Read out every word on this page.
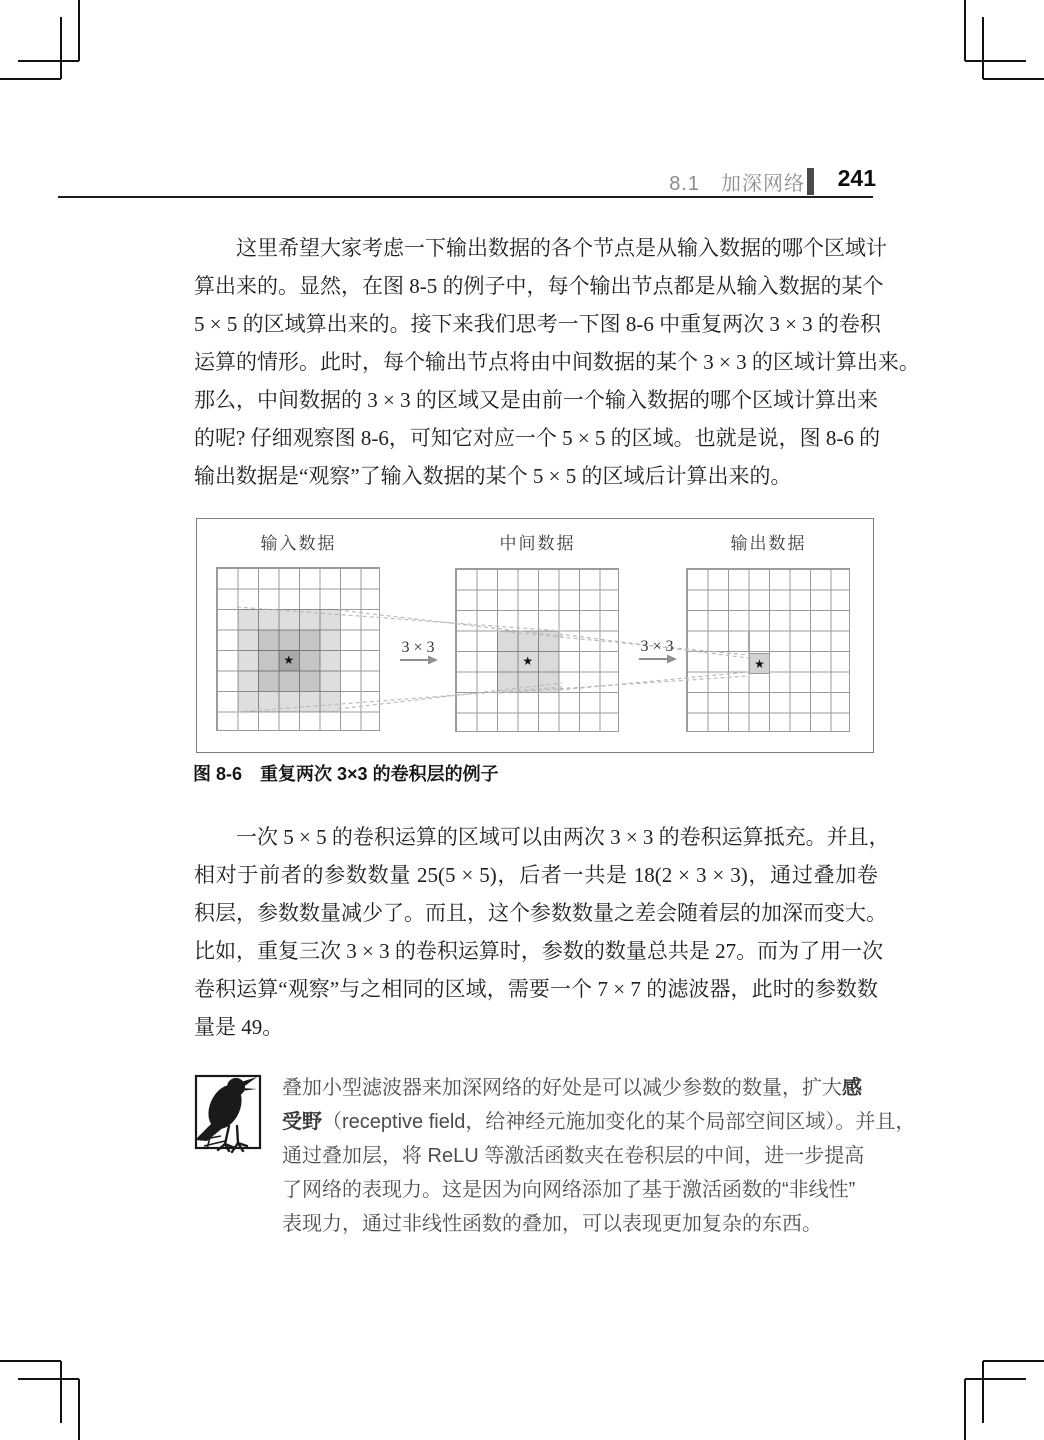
8.1　加深网络 241
这里希望大家考虑一下输出数据的各个节点是从输入数据的哪个区域计
算出来的。显然，在图 8-5 的例子中，每个输出节点都是从输入数据的某个
5 × 5 的区域算出来的。接下来我们思考一下图 8-6 中重复两次 3 × 3 的卷积
运算的情形。此时，每个输出节点将由中间数据的某个 3 × 3 的区域计算出来。
那么，中间数据的 3 × 3 的区域又是由前一个输入数据的哪个区域计算出来
的呢? 仔细观察图 8-6，可知它对应一个 5 × 5 的区域。也就是说，图 8-6 的
输出数据是“观察”了输入数据的某个 5 × 5 的区域后计算出来的。
输入数据	中间数据	输出数据
★	★	★
3 × 3	3 × 3
图 8-6 重复两次 3×3 的卷积层的例子
一次 5 × 5 的卷积运算的区域可以由两次 3 × 3 的卷积运算抵充。并且，
相对于前者的参数数量 25(5 × 5)，后者一共是 18(2 × 3 × 3)，通过叠加卷
积层，参数数量减少了。而且，这个参数数量之差会随着层的加深而变大。
比如，重复三次 3 × 3 的卷积运算时，参数的数量总共是 27。而为了用一次
卷积运算“观察”与之相同的区域，需要一个 7 × 7 的滤波器，此时的参数数
量是 49。
叠加小型滤波器来加深网络的好处是可以减少参数的数量，扩大感
受野（receptive field，给神经元施加变化的某个局部空间区域）。并且，
通过叠加层，将 ReLU 等激活函数夹在卷积层的中间，进一步提高
了网络的表现力。这是因为向网络添加了基于激活函数的“非线性”
表现力，通过非线性函数的叠加，可以表现更加复杂的东西。
